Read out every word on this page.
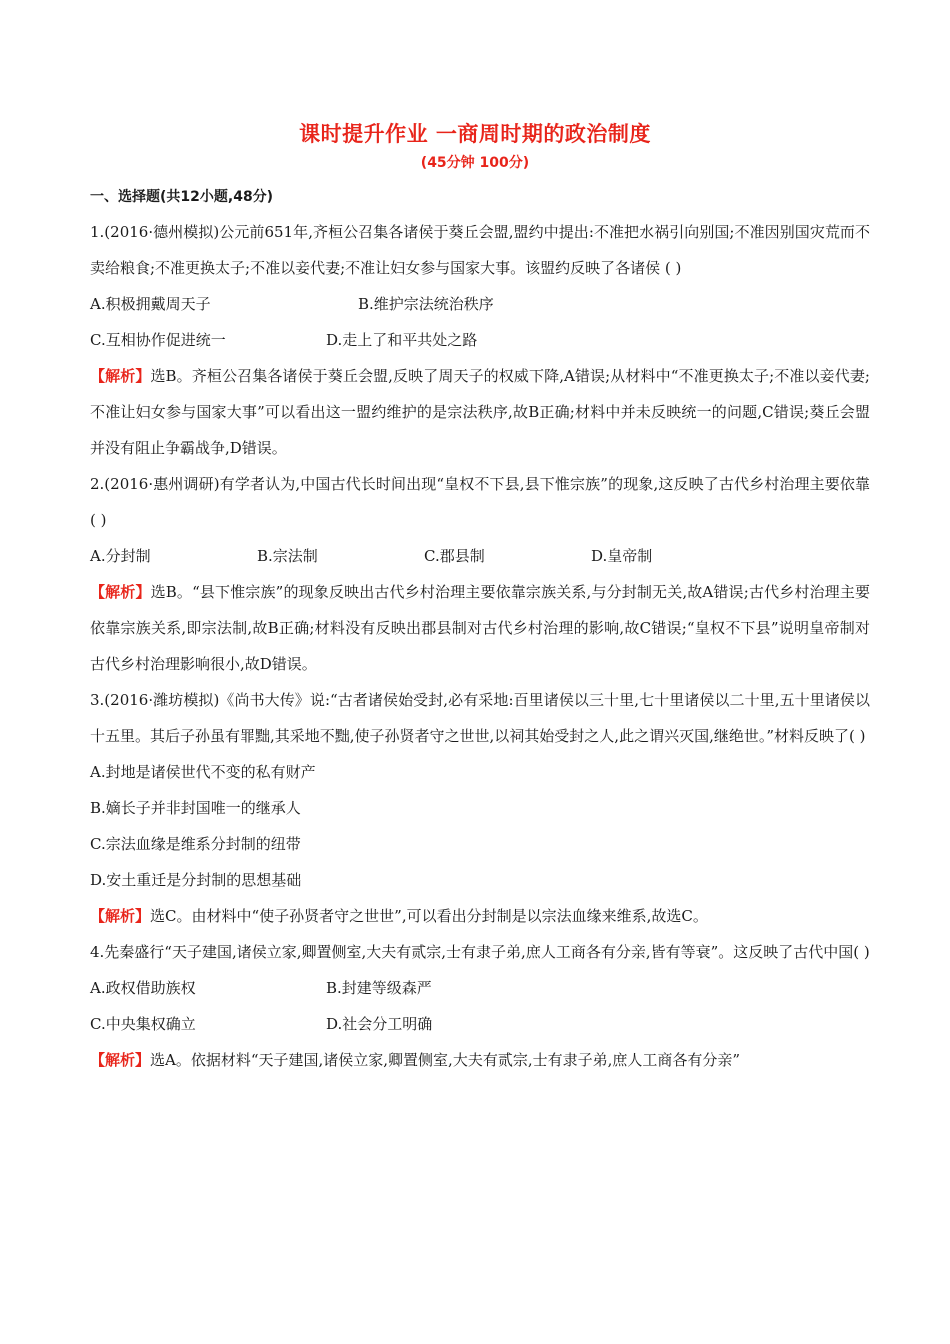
课时提升作业 一商周时期的政治制度
(45分钟 100分)
一、选择题(共12小题,48分)

1.(2016·德州模拟)公元前651年,齐桓公召集各诸侯于葵丘会盟,盟约中提出:不准把水祸引向别国;不准因别国灾荒而不卖给粮食;不准更换太子;不准以妾代妻;不准让妇女参与国家大事。该盟约反映了各诸侯 ( )

A.积极拥戴周天子	B.维护宗法统治秩序
C.互相协作促进统一	D.走上了和平共处之路

【解析】选B。齐桓公召集各诸侯于葵丘会盟,反映了周天子的权威下降,A错误;从材料中“不准更换太子;不准以妾代妻;不准让妇女参与国家大事”可以看出这一盟约维护的是宗法秩序,故B正确;材料中并未反映统一的问题,C错误;葵丘会盟并没有阻止争霸战争,D错误。

2.(2016·惠州调研)有学者认为,中国古代长时间出现“皇权不下县,县下惟宗族”的现象,这反映了古代乡村治理主要依靠 ( )

A.分封制	B.宗法制	C.郡县制	D.皇帝制

【解析】选B。“县下惟宗族”的现象反映出古代乡村治理主要依靠宗族关系,与分封制无关,故A错误;古代乡村治理主要依靠宗族关系,即宗法制,故B正确;材料没有反映出郡县制对古代乡村治理的影响,故C错误;“皇权不下县”说明皇帝制对古代乡村治理影响很小,故D错误。

3.(2016·潍坊模拟)《尚书大传》说:“古者诸侯始受封,必有采地:百里诸侯以三十里,七十里诸侯以二十里,五十里诸侯以十五里。其后子孙虽有罪黜,其采地不黜,使子孙贤者守之世世,以祠其始受封之人,此之谓兴灭国,继绝世。”材料反映了( )

A.封地是诸侯世代不变的私有财产
B.嫡长子并非封国唯一的继承人
C.宗法血缘是维系分封制的纽带
D.安土重迁是分封制的思想基础

【解析】选C。由材料中“使子孙贤者守之世世”,可以看出分封制是以宗法血缘来维系,故选C。

4.先秦盛行“天子建国,诸侯立家,卿置侧室,大夫有贰宗,士有隶子弟,庶人工商各有分亲,皆有等衰”。这反映了古代中国( )

A.政权借助族权	B.封建等级森严
C.中央集权确立	D.社会分工明确

【解析】选A。依据材料“天子建国,诸侯立家,卿置侧室,大夫有贰宗,士有隶子弟,庶人工商各有分亲”
